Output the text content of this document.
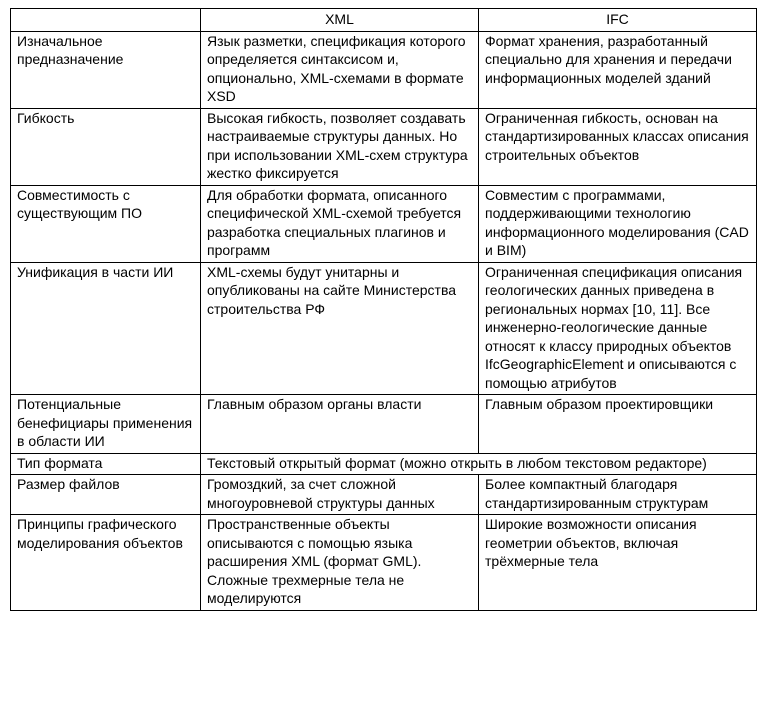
	XML	IFC
Изначальное предназначение	Язык разметки, спецификация которого определяется синтаксисом и, опционально, XML-схемами в формате XSD	Формат хранения, разработанный специально для хранения и передачи информационных моделей зданий
Гибкость	Высокая гибкость, позволяет создавать настраиваемые структуры данных. Но при использовании XML-схем структура жестко фиксируется	Ограниченная гибкость, основан на стандартизированных классах описания строительных объектов
Совместимость с существующим ПО	Для обработки формата, описанного специфической XML-схемой требуется разработка специальных плагинов и программ	Совместим с программами, поддерживающими технологию информационного моделирования (CAD и BIM)
Унификация в части ИИ	XML-схемы будут унитарны и опубликованы на сайте Министерства строительства РФ	Ограниченная спецификация описания геологических данных приведена в региональных нормах [10, 11]. Все инженерно-геологические данные относят к классу природных объектов IfcGeographicElement и описываются с помощью атрибутов
Потенциальные бенефициары применения в области ИИ	Главным образом органы власти	Главным образом проектировщики
Тип формата	Текстовый открытый формат (можно открыть в любом текстовом редакторе)	
Размер файлов	Громоздкий, за счет сложной многоуровневой структуры данных	Более компактный благодаря стандартизированным структурам
Принципы графического моделирования объектов	Пространственные объекты описываются с помощью языка расширения XML (формат GML). Сложные трехмерные тела не моделируются	Широкие возможности описания геометрии объектов, включая трёхмерные тела
